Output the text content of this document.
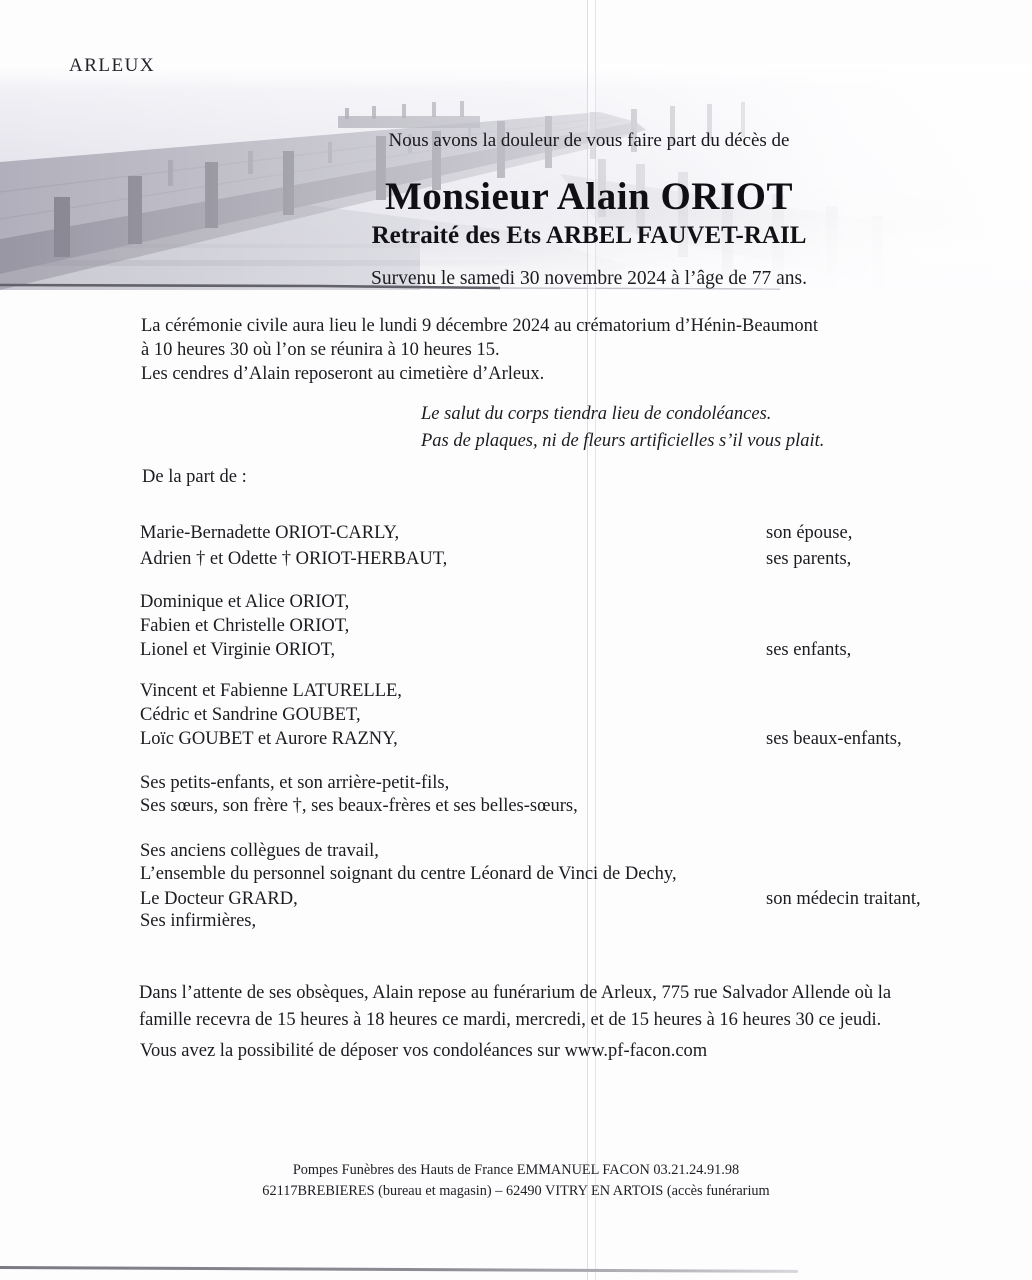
ARLEUX
Nous avons la douleur de vous faire part du décès de
Monsieur Alain ORIOT
Retraité des Ets ARBEL FAUVET-RAIL
Survenu le samedi 30 novembre 2024 à l’âge de 77 ans.
La cérémonie civile aura lieu le lundi 9 décembre 2024 au crématorium d’Hénin-Beaumont
à 10 heures 30 où l’on se réunira à 10 heures 15.
Les cendres d’Alain reposeront au cimetière d’Arleux.
Le salut du corps tiendra lieu de condoléances.
Pas de plaques, ni de fleurs artificielles s’il vous plait.
De la part de :
Marie-Bernadette ORIOT-CARLY,	son épouse,
Adrien † et Odette † ORIOT-HERBAUT,	ses parents,
Dominique et Alice ORIOT,
Fabien et Christelle ORIOT,
Lionel et Virginie ORIOT,	ses enfants,
Vincent et Fabienne LATURELLE,
Cédric et Sandrine GOUBET,
Loïc GOUBET et Aurore RAZNY,	ses beaux-enfants,
Ses petits-enfants, et son arrière-petit-fils,
Ses sœurs, son frère †, ses beaux-frères et ses belles-sœurs,
Ses anciens collègues de travail,
L’ensemble du personnel soignant du centre Léonard de Vinci de Dechy,
Le Docteur GRARD,	son médecin traitant,
Ses infirmières,
Dans l’attente de ses obsèques, Alain repose au funérarium de Arleux, 775 rue Salvador Allende où la
famille recevra de 15 heures à 18 heures ce mardi, mercredi, et de 15 heures à 16 heures 30 ce jeudi.
Vous avez la possibilité de déposer vos condoléances sur www.pf-facon.com
Pompes Funèbres des Hauts de France EMMANUEL FACON 03.21.24.91.98
62117BREBIERES (bureau et magasin) – 62490 VITRY EN ARTOIS (accès funérarium
